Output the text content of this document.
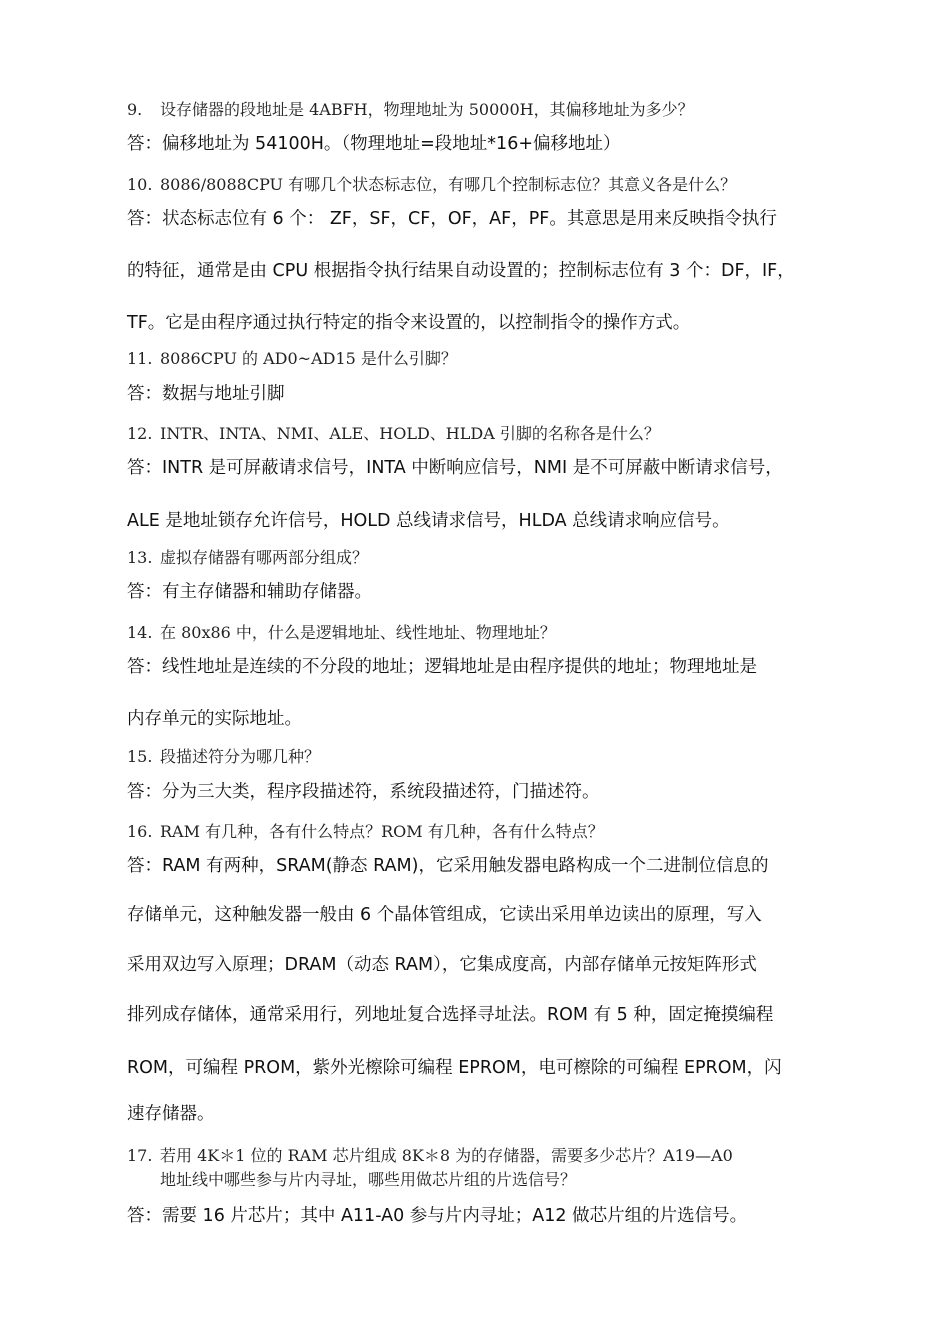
9. 设存储器的段地址是 4ABFH，物理地址为 50000H，其偏移地址为多少？
答：偏移地址为 54100H。（物理地址=段地址*16+偏移地址）
10. 8086/8088CPU 有哪几个状态标志位，有哪几个控制标志位？其意义各是什么？
答：状态标志位有 6 个： ZF，SF，CF，OF，AF，PF。其意思是用来反映指令执行
的特征，通常是由 CPU 根据指令执行结果自动设置的；控制标志位有 3 个：DF，IF，
TF。它是由程序通过执行特定的指令来设置的，以控制指令的操作方式。
11. 8086CPU 的 AD0~AD15 是什么引脚？
答：数据与地址引脚
12. INTR、INTA、NMI、ALE、HOLD、HLDA 引脚的名称各是什么？
答：INTR 是可屏蔽请求信号，INTA 中断响应信号，NMI 是不可屏蔽中断请求信号，
ALE 是地址锁存允许信号，HOLD 总线请求信号，HLDA 总线请求响应信号。
13. 虚拟存储器有哪两部分组成？
答：有主存储器和辅助存储器。
14. 在 80x86 中，什么是逻辑地址、线性地址、物理地址？
答：线性地址是连续的不分段的地址；逻辑地址是由程序提供的地址；物理地址是
内存单元的实际地址。
15. 段描述符分为哪几种？
答：分为三大类，程序段描述符，系统段描述符，门描述符。
16. RAM 有几种，各有什么特点？ROM 有几种，各有什么特点？
答：RAM 有两种，SRAM(静态 RAM)，它采用触发器电路构成一个二进制位信息的
存储单元，这种触发器一般由 6 个晶体管组成，它读出采用单边读出的原理，写入
采用双边写入原理；DRAM（动态 RAM），它集成度高，内部存储单元按矩阵形式
排列成存储体，通常采用行，列地址复合选择寻址法。ROM 有 5 种，固定掩摸编程
ROM，可编程 PROM，紫外光檫除可编程 EPROM，电可檫除的可编程 EPROM，闪
速存储器。
17. 若用 4K＊1 位的 RAM 芯片组成 8K＊8 为的存储器，需要多少芯片？A19—A0
地址线中哪些参与片内寻址，哪些用做芯片组的片选信号？
答：需要 16 片芯片；其中 A11-A0 参与片内寻址；A12 做芯片组的片选信号。
